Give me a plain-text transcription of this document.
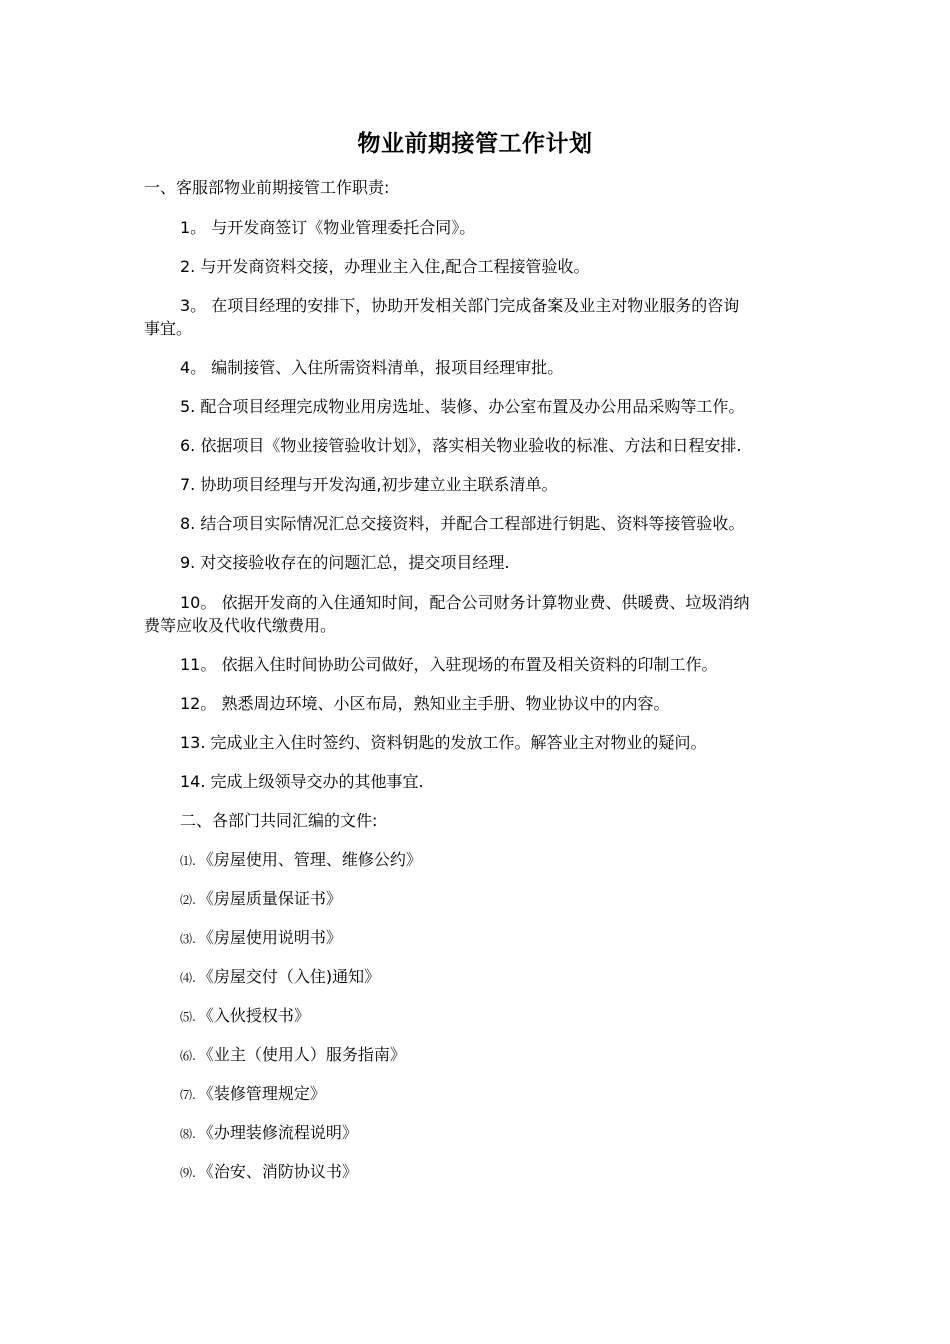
物业前期接管工作计划
一、客服部物业前期接管工作职责:
1。 与开发商签订《物业管理委托合同》。
2. 与开发商资料交接，办理业主入住,配合工程接管验收。
3。 在项目经理的安排下，协助开发相关部门完成备案及业主对物业服务的咨询
事宜。
4。 编制接管、入住所需资料清单，报项目经理审批。
5. 配合项目经理完成物业用房选址、装修、办公室布置及办公用品采购等工作。
6. 依据项目《物业接管验收计划》，落实相关物业验收的标准、方法和日程安排.
7. 协助项目经理与开发沟通,初步建立业主联系清单。
8. 结合项目实际情况汇总交接资料，并配合工程部进行钥匙、资料等接管验收。
9. 对交接验收存在的问题汇总，提交项目经理.
10。 依据开发商的入住通知时间，配合公司财务计算物业费、供暖费、垃圾消纳
费等应收及代收代缴费用。
11。 依据入住时间协助公司做好，入驻现场的布置及相关资料的印制工作。
12。 熟悉周边环境、小区布局，熟知业主手册、物业协议中的内容。
13. 完成业主入住时签约、资料钥匙的发放工作。解答业主对物业的疑问。
14. 完成上级领导交办的其他事宜.
二、各部门共同汇编的文件:
⑴. 《房屋使用、管理、维修公约》
⑵. 《房屋质量保证书》
⑶. 《房屋使用说明书》
⑷. 《房屋交付（入住)通知》
⑸. 《入伙授权书》
⑹. 《业主（使用人）服务指南》
⑺. 《装修管理规定》
⑻. 《办理装修流程说明》
⑼. 《治安、消防协议书》
